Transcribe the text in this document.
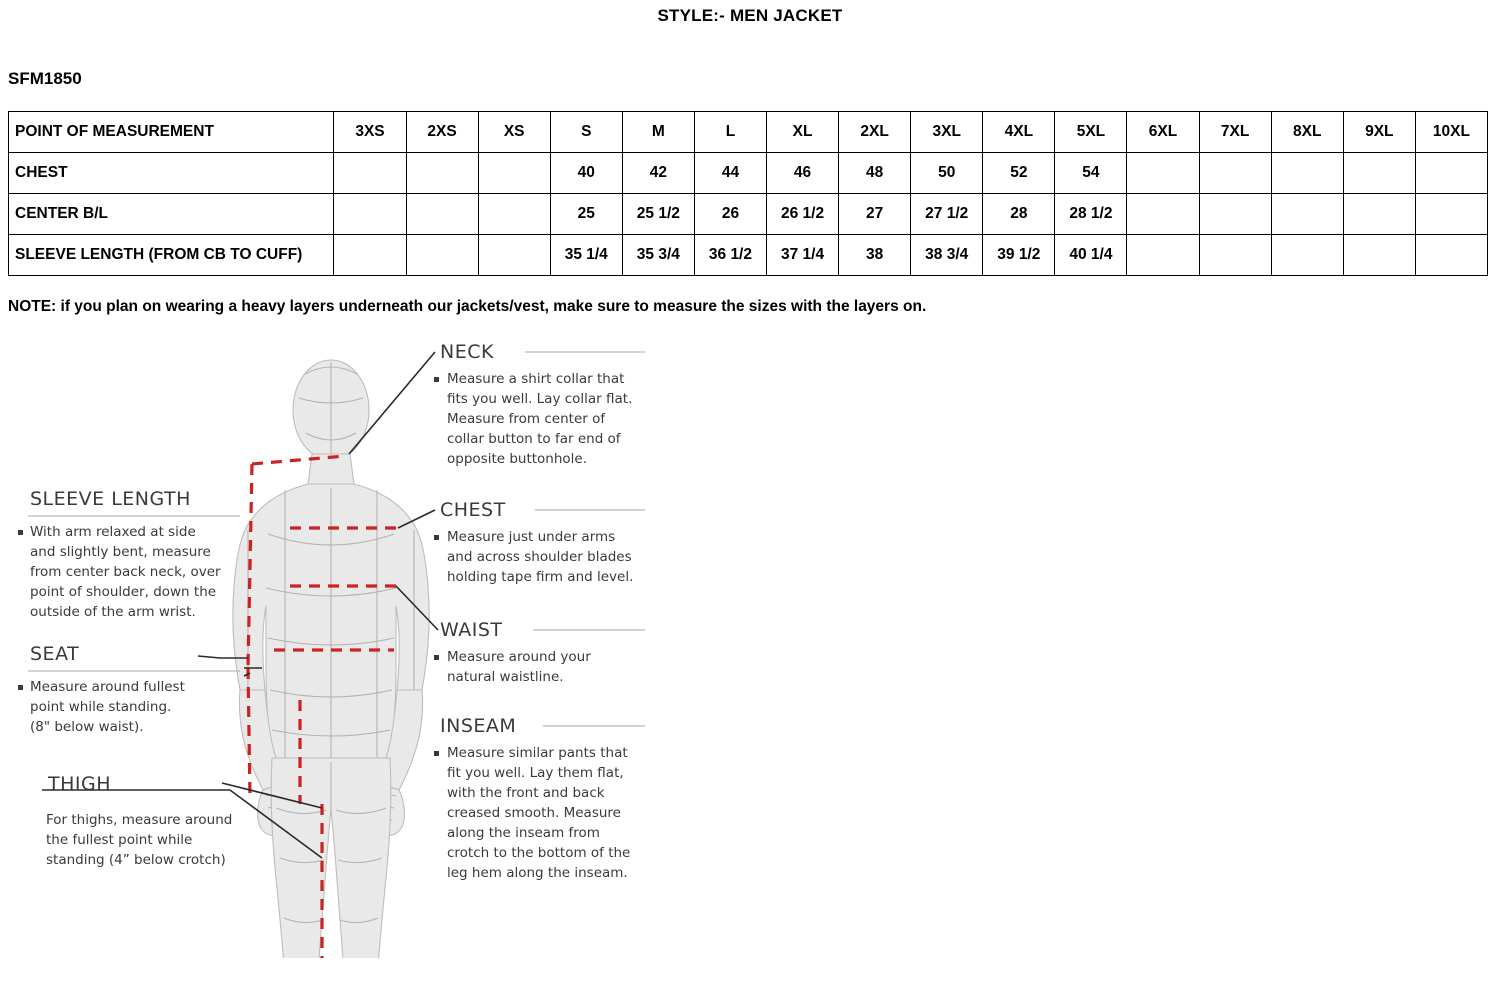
STYLE:- MEN JACKET
SFM1850
POINT OF MEASUREMENT	3XS	2XS	XS	S	M	L	XL	2XL	3XL	4XL	5XL	6XL	7XL	8XL	9XL	10XL
CHEST				40	42	44	46	48	50	52	54					
CENTER B/L				25	25 1/2	26	26 1/2	27	27 1/2	28	28 1/2					
SLEEVE LENGTH (FROM CB TO CUFF)				35 1/4	35 3/4	36 1/2	37 1/4	38	38 3/4	39 1/2	40 1/4					
NOTE: if you plan on wearing a heavy layers underneath our jackets/vest, make sure to measure the sizes with the layers on.
NECK
Measure a shirt collar that
fits you well. Lay collar flat.
Measure from center of
collar button to far end of
opposite buttonhole.
CHEST
Measure just under arms
and across shoulder blades
holding tape firm and level.
WAIST
Measure around your
natural waistline.
INSEAM
Measure similar pants that
fit you well. Lay them flat,
with the front and back
creased smooth. Measure
along the inseam from
crotch to the bottom of the
leg hem along the inseam.
SLEEVE LENGTH
With arm relaxed at side
and slightly bent, measure
from center back neck, over
point of shoulder, down the
outside of the arm wrist.
SEAT
Measure around fullest
point while standing.
(8" below waist).
THIGH
For thighs, measure around
the fullest point while
standing (4” below crotch)
